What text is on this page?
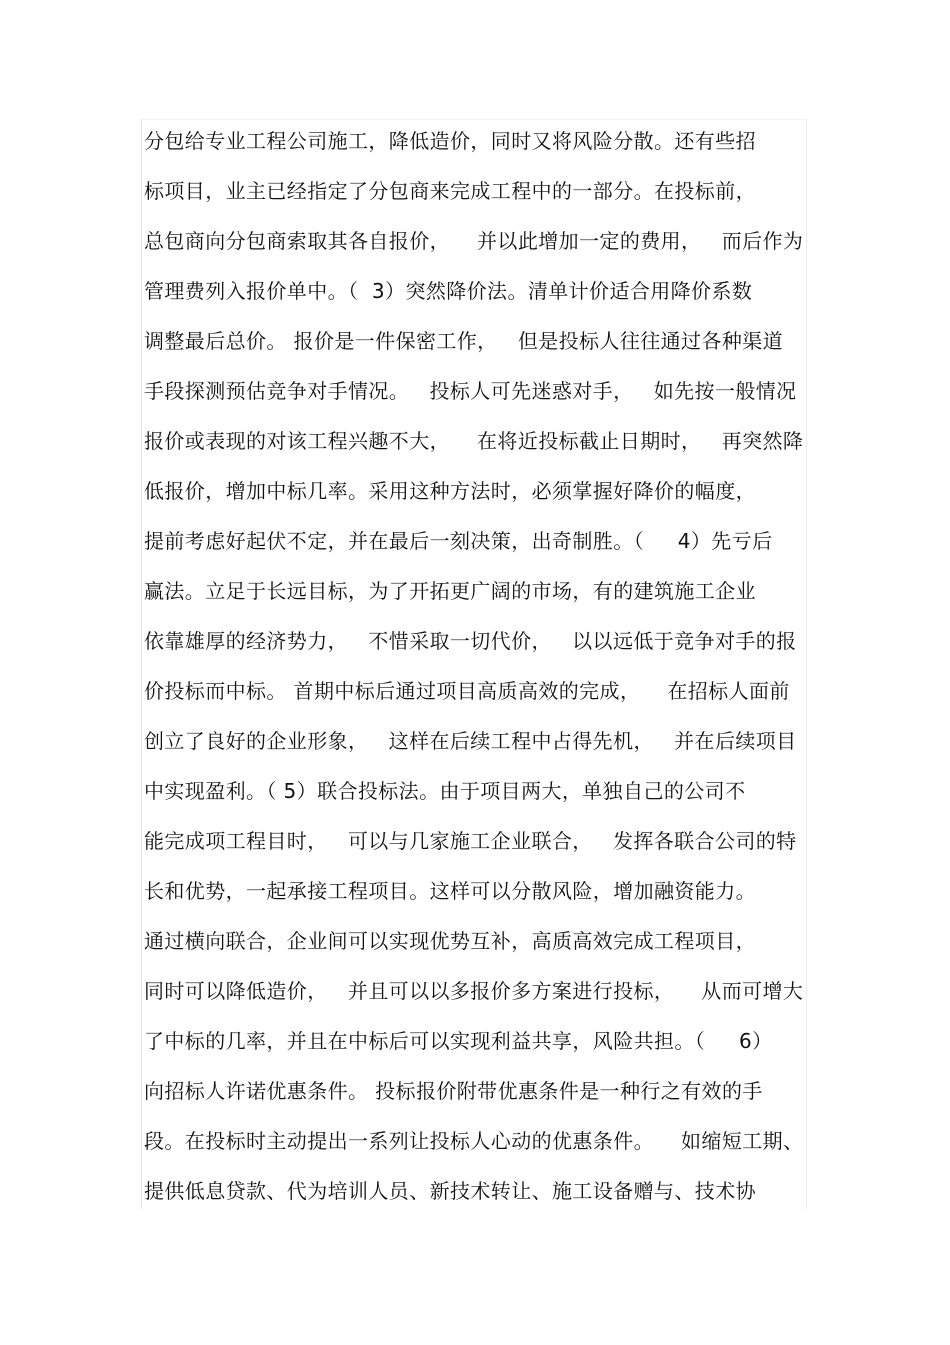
分包给专业工程公司施工，降低造价，同时又将风险分散。还有些招
标项目，业主已经指定了分包商来完成工程中的一部分。在投标前，
总包商向分包商索取其各自报价，    并以此增加一定的费用，   而后作为
管理费列入报价单中。（  3）突然降价法。清单计价适合用降价系数
调整最后总价。 报价是一件保密工作，   但是投标人往往通过各种渠道
手段探测预估竞争对手情况。   投标人可先迷惑对手，   如先按一般情况
报价或表现的对该工程兴趣不大，    在将近投标截止日期时，   再突然降
低报价，增加中标几率。采用这种方法时，必须掌握好降价的幅度，
提前考虑好起伏不定，并在最后一刻决策，出奇制胜。（     4）先亏后
赢法。立足于长远目标，为了开拓更广阔的市场，有的建筑施工企业
依靠雄厚的经济势力，   不惜采取一切代价，   以以远低于竞争对手的报
价投标而中标。 首期中标后通过项目高质高效的完成，    在招标人面前
创立了良好的企业形象，   这样在后续工程中占得先机，   并在后续项目
中实现盈利。（ 5）联合投标法。由于项目两大，单独自己的公司不
能完成项工程目时，   可以与几家施工企业联合，   发挥各联合公司的特
长和优势，一起承接工程项目。这样可以分散风险，增加融资能力。
通过横向联合，企业间可以实现优势互补，高质高效完成工程项目，
同时可以降低造价，   并且可以以多报价多方案进行投标，    从而可增大
了中标的几率，并且在中标后可以实现利益共享，风险共担。（     6）
向招标人许诺优惠条件。 投标报价附带优惠条件是一种行之有效的手
段。在投标时主动提出一系列让投标人心动的优惠条件。    如缩短工期、
提供低息贷款、代为培训人员、新技术转让、施工设备赠与、技术协
